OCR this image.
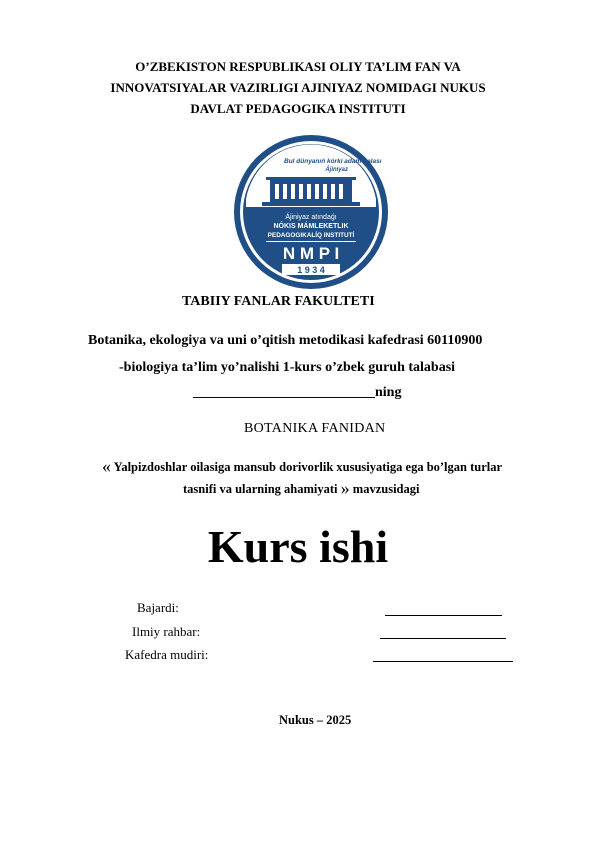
O’ZBEKISTON RESPUBLIKASI OLIY TA’LIM FAN VA
INNOVATSIYALAR VAZIRLIGI AJINIYAZ NOMIDAGI NUKUS
DAVLAT PEDAGOGIKA INSTITUTI
Bul dünyanıń kórki adam balası
Ájiniyaz
Ájiniyaz atındaǵı
NÓKIS MÁMLEKETLIK
PEDAGOGIKALÍQ INSTITUTÍ
N M P I
1 9 3 4
TABIIY FANLAR FAKULTETI
Botanika, ekologiya va uni o’qitish metodikasi kafedrasi 60110900
-biologiya ta’lim yo’nalishi 1-kurs o’zbek guruh talabasi
__________________________ning
BOTANIKA FANIDAN
« Yalpizdoshlar oilasiga mansub dorivorlik xususiyatiga ega bo’lgan turlar
tasnifi va ularning ahamiyati » mavzusidagi
Kurs ishi
Bajardi:
Ilmiy rahbar:
Kafedra mudiri:
Nukus – 2025
